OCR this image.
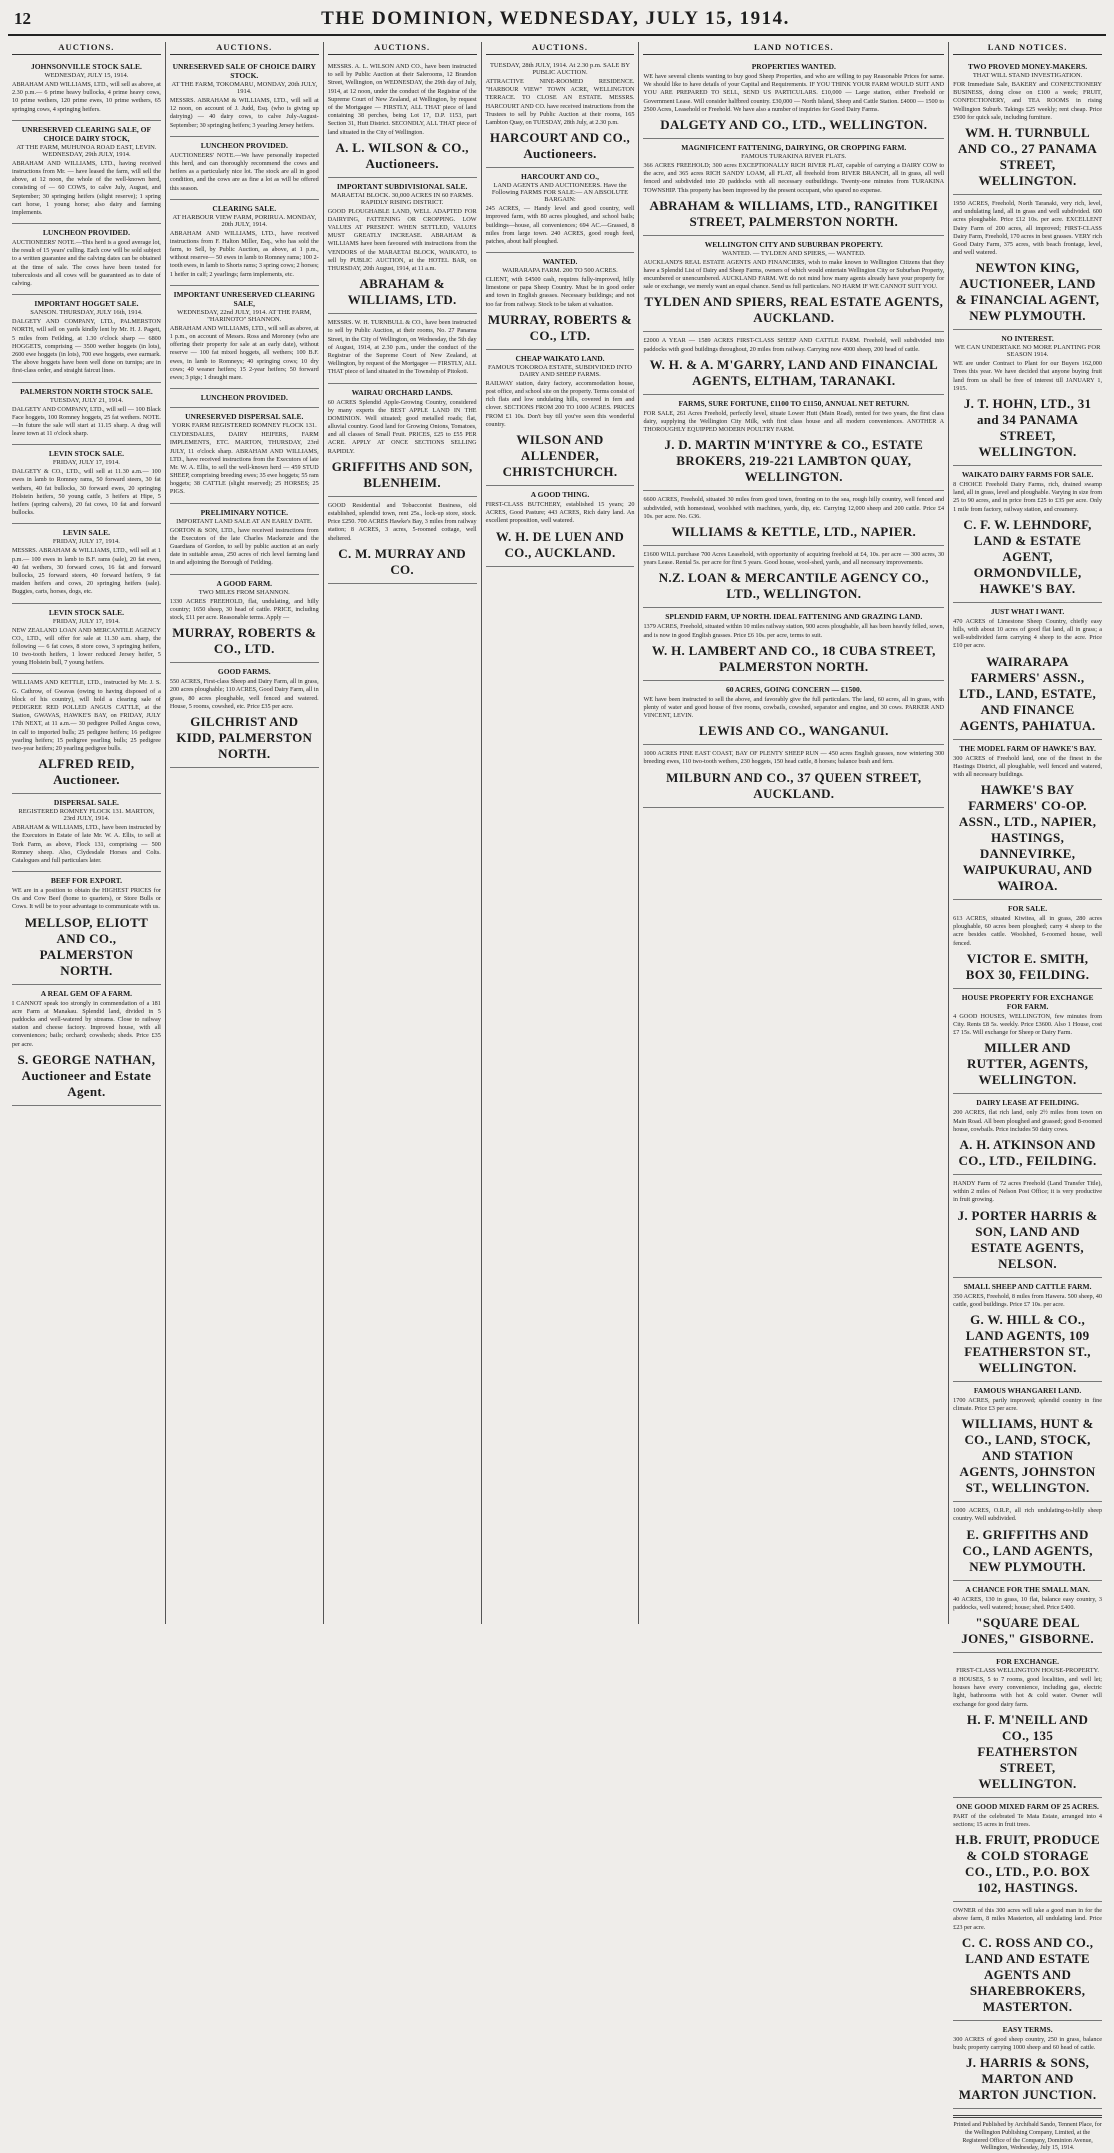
12	THE DOMINION, WEDNESDAY, JULY 15, 1914.
AUCTIONS.
JOHNSONVILLE STOCK SALE.
WEDNESDAY, JULY 15, 1914.
ABRAHAM AND WILLIAMS, LTD., will sell as above, at 2.30 p.m.— 6 prime heavy bullocks, 4 prime heavy cows, 10 prime wethers, 120 prime ewes, 10 prime wethers, 65 springing cows, 4 springing heifers.
UNRESERVED CLEARING SALE, OF CHOICE DAIRY STOCK,
AT THE FARM, MUHUNOA ROAD EAST, LEVIN. WEDNESDAY, 29th JULY, 1914.
ABRAHAM AND WILLIAMS, LTD., having received instructions from Mr. — have leased the farm, will sell the above, at 12 noon, the whole of the well-known herd, consisting of — 60 COWS, to calve July, August, and September; 30 springing heifers (slight reserve); 1 spring cart horse, 1 young horse; also dairy and farming implements.
LUNCHEON PROVIDED.
AUCTIONEERS' NOTE.—This herd is a good average lot, the result of 15 years' culling. Each cow will be sold subject to a written guarantee and the calving dates can be obtained at the time of sale. The cows have been tested for tuberculosis and all cows will be guaranteed as to date of calving.
IMPORTANT HOGGET SALE.
SANSON. THURSDAY, JULY 16th, 1914.
DALGETY AND COMPANY, LTD., PALMERSTON NORTH, will sell on yards kindly lent by Mr. H. J. Pagett, 5 miles from Feilding, at 1.30 o'clock sharp — 6800 HOGGETS, comprising — 3500 wether hoggets (in lots), 2600 ewe hoggets (in lots), 700 ewe hoggets, ewe earmark. The above hoggets have been well done on turnips; are in first-class order, and straight faircut lines.
PALMERSTON NORTH STOCK SALE.
TUESDAY, JULY 21, 1914.
DALGETY AND COMPANY, LTD., will sell — 100 Black Face hoggets, 100 Romney hoggets, 25 fat wethers. NOTE.—In future the sale will start at 11.15 sharp. A drag will leave town at 11 o'clock sharp.
LEVIN STOCK SALE.
FRIDAY, JULY 17, 1914.
DALGETY & CO., LTD., will sell at 11.30 a.m.— 100 ewes in lamb to Romney rams, 50 forward steers, 30 fat wethers, 40 fat bullocks, 30 forward ewes, 20 springing Holstein heifers, 50 young cattle, 3 heifers at Hipe, 5 heifers (spring calvers), 20 fat cows, 10 fat and forward bullocks.
LEVIN SALE.
FRIDAY, JULY 17, 1914.
MESSRS. ABRAHAM & WILLIAMS, LTD., will sell at 1 p.m.— 100 ewes in lamb to B.F. rams (sale), 20 fat ewes, 40 fat wethers, 30 forward cows, 16 fat and forward bullocks, 25 forward steers, 40 forward heifers, 9 fat maiden heifers and cows, 20 springing heifers (sale). Buggies, carts, horses, dogs, etc.
LEVIN STOCK SALE.
FRIDAY, JULY 17, 1914.
NEW ZEALAND LOAN AND MERCANTILE AGENCY CO., LTD., will offer for sale at 11.30 a.m. sharp, the following — 6 fat cows, 8 store cows, 3 springing heifers, 10 two-tooth heifers, 1 lower reduced Jersey heifer, 5 young Holstein bull, 7 young heifers.
WILLIAMS AND KETTLE, LTD., instructed by Mr. J. S. G. Cathrow, of Gwavas (owing to having disposed of a block of his country), will hold a clearing sale of PEDIGREE RED POLLED ANGUS CATTLE, at the Station, GWAVAS, HAWKE'S BAY, on FRIDAY, JULY 17th NEXT, at 11 a.m.— 30 pedigree Polled Angus cows, in calf to imported bulls; 25 pedigree heifers; 16 pedigree yearling heifers; 15 pedigree yearling bulls; 25 pedigree two-year heifers; 20 yearling pedigree bulls.
ALFRED REID, Auctioneer.
DISPERSAL SALE.
REGISTERED ROMNEY FLOCK 131. MARTON, 23rd JULY, 1914.
ABRAHAM & WILLIAMS, LTD., have been instructed by the Executors in Estate of late Mr. W. A. Ellis, to sell at Tork Farm, as above, Flock 131, comprising — 500 Romney sheep. Also, Clydesdale Horses and Colts. Catalogues and full particulars later.
BEEF FOR EXPORT.
WE are in a position to obtain the HIGHEST PRICES for Ox and Cow Beef (home to quarters), or Store Bulls or Cows. It will be to your advantage to communicate with us.
MELLSOP, ELIOTT AND CO., PALMERSTON NORTH.
A REAL GEM OF A FARM.
I CANNOT speak too strongly in commendation of a 181 acre Farm at Manakau. Splendid land, divided in 5 paddocks and well-watered by streams. Close to railway station and cheese factory. Improved house, with all conveniences; bails; orchard; cowsheds; sheds. Price £35 per acre.
S. GEORGE NATHAN, Auctioneer and Estate Agent.
AUCTIONS.
UNRESERVED SALE OF CHOICE DAIRY STOCK.
AT THE FARM, TOKOMARU, MONDAY, 20th JULY, 1914.
MESSRS. ABRAHAM & WILLIAMS, LTD., will sell at 12 noon, on account of J. Judd, Esq. (who is giving up dairying) — 40 dairy cows, to calve July-August-September; 30 springing heifers; 3 yearling Jersey heifers.
LUNCHEON PROVIDED.
AUCTIONEERS' NOTE.—We have personally inspected this herd, and can thoroughly recommend the cows and heifers as a particularly nice lot. The stock are all in good condition, and the cows are as fine a lot as will be offered this season.
CLEARING SALE.
AT HARBOUR VIEW FARM, PORIRUA. MONDAY, 20th JULY, 1914.
ABRAHAM AND WILLIAMS, LTD., have received instructions from F. Halton Miller, Esq., who has sold the farm, to Sell, by Public Auction, as above, at 1 p.m., without reserve— 50 ewes in lamb to Romney rams; 100 2-tooth ewes, in lamb to Shorts rams; 3 spring cows; 2 horses; 1 heifer in calf; 2 yearlings; farm implements, etc.
IMPORTANT UNRESERVED CLEARING SALE,
WEDNESDAY, 22nd JULY, 1914. AT THE FARM, "HARINOTO" SHANNON.
ABRAHAM AND WILLIAMS, LTD., will sell as above, at 1 p.m., on account of Messrs. Ross and Moroney (who are offering their property for sale at an early date), without reserve — 100 fat mixed hoggets, all wethers; 100 B.F. ewes, in lamb to Romneys; 40 springing cows; 10 dry cows; 40 weaner heifers; 15 2-year heifers; 50 forward ewes; 3 pigs; 1 draught mare.
LUNCHEON PROVIDED.
UNRESERVED DISPERSAL SALE.
YORK FARM REGISTERED ROMNEY FLOCK 131.
CLYDESDALES, DAIRY HEIFERS, FARM IMPLEMENTS, ETC. MARTON, THURSDAY, 23rd JULY, 11 o'clock sharp. ABRAHAM AND WILLIAMS, LTD., have received instructions from the Executors of late Mr. W. A. Ellis, to sell the well-known herd — 459 STUD SHEEP, comprising breeding ewes; 35 ewe hoggets; 55 ram hoggets; 38 CATTLE (slight reserved); 25 HORSES; 25 PIGS.
PRELIMINARY NOTICE.
IMPORTANT LAND SALE AT AN EARLY DATE.
GORTON & SON, LTD., have received instructions from the Executors of the late Charles Mackenzie and the Guardians of Gordon, to sell by public auction at an early date in suitable areas, 250 acres of rich level farming land in and adjoining the Borough of Feilding.
A GOOD FARM.
TWO MILES FROM SHANNON.
1330 ACRES FREEHOLD, flat, undulating, and hilly country; 1650 sheep, 30 head of cattle. PRICE, including stock, £11 per acre. Reasonable terms. Apply —
MURRAY, ROBERTS & CO., LTD.
GOOD FARMS.
550 ACRES, First-class Sheep and Dairy Farm, all in grass, 200 acres ploughable; 110 ACRES, Good Dairy Farm, all in grass, 80 acres ploughable, well fenced and watered. House, 5 rooms, cowshed, etc. Price £35 per acre.
GILCHRIST AND KIDD, PALMERSTON NORTH.
AUCTIONS.
MESSRS. A. L. WILSON AND CO., have been instructed to sell by Public Auction at their Salerooms, 12 Brandon Street, Wellington, on WEDNESDAY, the 29th day of July, 1914, at 12 noon, under the conduct of the Registrar of the Supreme Court of New Zealand, at Wellington, by request of the Mortgagee — FIRSTLY, ALL THAT piece of land containing 38 perches, being Lot 17, D.P. 1153, part Section 31, Hutt District. SECONDLY, ALL THAT piece of land situated in the City of Wellington.
A. L. WILSON & CO., Auctioneers.
IMPORTANT SUBDIVISIONAL SALE.
MARAETAI BLOCK. 30,000 ACRES IN 60 FARMS. RAPIDLY RISING DISTRICT.
GOOD PLOUGHABLE LAND, WELL ADAPTED FOR DAIRYING, FATTENING OR CROPPING. LOW VALUES AT PRESENT. WHEN SETTLED, VALUES MUST GREATLY INCREASE. ABRAHAM & WILLIAMS have been favoured with instructions from the VENDORS of the MARAETAI BLOCK, WAIKATO, to sell by PUBLIC AUCTION, at the HOTEL BAR, on THURSDAY, 20th August, 1914, at 11 a.m.
ABRAHAM & WILLIAMS, LTD.
MESSRS. W. H. TURNBULL & CO., have been instructed to sell by Public Auction, at their rooms, No. 27 Panama Street, in the City of Wellington, on Wednesday, the 5th day of August, 1914, at 2.30 p.m., under the conduct of the Registrar of the Supreme Court of New Zealand, at Wellington, by request of the Mortgagee — FIRSTLY, ALL THAT piece of land situated in the Township of Pitokoti.
WAIRAU ORCHARD LANDS.
60 ACRES Splendid Apple-Growing Country, considered by many experts the BEST APPLE LAND IN THE DOMINION. Well situated; good metalled roads; flat, alluvial country. Good land for Growing Onions, Tomatoes, and all classes of Small Fruit. PRICES, £25 to £55 PER ACRE. APPLY AT ONCE SECTIONS SELLING RAPIDLY.
GRIFFITHS AND SON, BLENHEIM.
GOOD Residential and Tobacconist Business, old established, splendid town, rent 25s., lock-up store, stock. Price £250. 700 ACRES Hawke's Bay, 3 miles from railway station; 8 ACRES, 3 acres, 5-roomed cottage, well sheltered.
C. M. MURRAY AND CO.
AUCTIONS.
TUESDAY, 28th JULY, 1914. At 2.30 p.m. SALE BY PUBLIC AUCTION.
ATTRACTIVE NINE-ROOMED RESIDENCE. "HARBOUR VIEW" TOWN ACRE, WELLINGTON TERRACE. TO CLOSE AN ESTATE. MESSRS. HARCOURT AND CO. have received instructions from the Trustees to sell by Public Auction at their rooms, 165 Lambton Quay, on TUESDAY, 28th July, at 2.30 p.m.
HARCOURT AND CO., Auctioneers.
HARCOURT AND CO.,
LAND AGENTS AND AUCTIONEERS. Have the Following FARMS FOR SALE:— AN ABSOLUTE BARGAIN:
245 ACRES, — Handy level and good country, well improved farm, with 80 acres ploughed, and school bails; buildings—house, all conveniences; 694 AC.—Grassed, 8 miles from large town. 240 ACRES, good rough feed, patches, about half ploughed.
WANTED.
WAIRARAPA FARM. 200 TO 500 ACRES.
CLIENT, with £4500 cash, requires fully-improved, hilly limestone or papa Sheep Country. Must be in good order and town in English grasses. Necessary buildings; and not too far from railway. Stock to be taken at valuation.
MURRAY, ROBERTS & CO., LTD.
CHEAP WAIKATO LAND.
FAMOUS TOKOROA ESTATE, SUBDIVIDED INTO DAIRY AND SHEEP FARMS.
RAILWAY station, dairy factory, accommodation house, post office, and school site on the property. Terms consist of rich flats and low undulating hills, covered in fern and clover. SECTIONS FROM 200 TO 1000 ACRES. PRICES FROM £1 10s. Don't buy till you've seen this wonderful country.
WILSON AND ALLENDER, CHRISTCHURCH.
A GOOD THING.
FIRST-CLASS BUTCHERY, established 15 years; 20 ACRES, Good Pasture; 443 ACRES, Rich dairy land. An excellent proposition, well watered.
W. H. DE LUEN AND CO., AUCKLAND.
LAND NOTICES.
PROPERTIES WANTED.
WE have several clients wanting to buy good Sheep Properties, and who are willing to pay Reasonable Prices for same. We should like to have details of your Capital and Requirements. IF YOU THINK YOUR FARM WOULD SUIT AND YOU ARE PREPARED TO SELL, SEND US PARTICULARS. £10,000 — Large station, either Freehold or Government Lease. Will consider halfbred country. £30,000 — North Island, Sheep and Cattle Station. £4000 — 1500 to 2500 Acres, Leasehold or Freehold. We have also a number of inquiries for Good Dairy Farms.
DALGETY AND CO., LTD., WELLINGTON.
MAGNIFICENT FATTENING, DAIRYING, OR CROPPING FARM.
FAMOUS TURAKINA RIVER FLATS.
366 ACRES FREEHOLD; 300 acres EXCEPTIONALLY RICH RIVER FLAT, capable of carrying a DAIRY COW to the acre, and 365 acres RICH SANDY LOAM, all FLAT, all freehold from RIVER BRANCH, all in grass, all well fenced and subdivided into 20 paddocks with all necessary outbuildings. Twenty-one minutes from TURAKINA TOWNSHIP. This property has been improved by the present occupant, who spared no expense.
ABRAHAM & WILLIAMS, LTD., RANGITIKEI STREET, PALMERSTON NORTH.
WELLINGTON CITY AND SUBURBAN PROPERTY.
WANTED. — TYLDEN AND SPIERS, — WANTED.
AUCKLAND'S REAL ESTATE AGENTS AND FINANCIERS, wish to make known to Wellington Citizens that they have a Splendid List of Dairy and Sheep Farms, owners of which would entertain Wellington City or Suburban Property, encumbered or unencumbered. AUCKLAND FARM. WE do not mind how many agents already have your property for sale or exchange, we merely want an equal chance. Send us full particulars. NO HARM IF WE CANNOT SUIT YOU.
TYLDEN AND SPIERS, REAL ESTATE AGENTS, AUCKLAND.
£2000 A YEAR — 1589 ACRES FIRST-CLASS SHEEP AND CATTLE FARM. Freehold, well subdivided into paddocks with good buildings throughout, 20 miles from railway. Carrying now 4000 sheep, 200 head of cattle.
W. H. & A. M'GARRY, LAND AND FINANCIAL AGENTS, ELTHAM, TARANAKI.
FARMS, SURE FORTUNE, £1100 TO £1150, ANNUAL NET RETURN.
FOR SALE, 261 Acres Freehold, perfectly level, situate Lower Hutt (Main Road), rented for two years, the first class dairy, supplying the Wellington City Milk, with first class house and all modern conveniences. ANOTHER A THOROUGHLY EQUIPPED MODERN POULTRY FARM.
J. D. MARTIN M'INTYRE & CO., ESTATE BROKERS, 219-221 LAMBTON QUAY, WELLINGTON.
6600 ACRES, Freehold, situated 30 miles from good town, fronting on to the sea, rough hilly country, well fenced and subdivided, with homestead, woolshed with machines, yards, dip, etc. Carrying 12,000 sheep and 200 cattle. Price £4 10s. per acre. No. G36.
WILLIAMS & KETTLE, LTD., NAPIER.
£1600 WILL purchase 700 Acres Leasehold, with opportunity of acquiring freehold at £4, 10s. per acre — 300 acres, 30 years Lease. Rental 5s. per acre for first 5 years. Good house, wool-shed, yards, and all necessary improvements.
N.Z. LOAN & MERCANTILE AGENCY CO., LTD., WELLINGTON.
SPLENDID FARM, UP NORTH. IDEAL FATTENING AND GRAZING LAND.
1379 ACRES, Freehold, situated within 10 miles railway station, 900 acres ploughable, all has been heavily felled, sown, and is now in good English grasses. Price £6 10s. per acre, terms to suit.
W. H. LAMBERT AND CO., 18 CUBA STREET, PALMERSTON NORTH.
60 ACRES, GOING CONCERN — £1500.
WE have been instructed to sell the above, and favorably give the full particulars. The land, 60 acres, all in grass, with plenty of water and good house of five rooms, cowbails, cowshed, separator and engine, and 30 cows. PARKER AND VINCENT, LEVIN.
LEWIS AND CO., WANGANUI.
1000 ACRES FINE EAST COAST, BAY OF PLENTY SHEEP RUN — 450 acres English grasses, now wintering 300 breeding ewes, 110 two-tooth wethers, 230 hoggets, 150 head cattle, 8 horses; balance bush and fern.
MILBURN AND CO., 37 QUEEN STREET, AUCKLAND.
LAND NOTICES.
TWO PROVED MONEY-MAKERS.
THAT WILL STAND INVESTIGATION.
FOR Immediate Sale, BAKERY and CONFECTIONERY BUSINESS, doing close on £100 a week; FRUIT, CONFECTIONERY, and TEA ROOMS in rising Wellington Suburb. Takings £25 weekly; rent cheap. Price £500 for quick sale, including furniture.
WM. H. TURNBULL AND CO., 27 PANAMA STREET, WELLINGTON.
1950 ACRES, Freehold, North Taranaki, very rich, level, and undulating land, all in grass and well subdivided. 600 acres ploughable. Price £12 10s. per acre. EXCELLENT Dairy Farm of 200 acres, all improved; FIRST-CLASS Dairy Farm, Freehold, 170 acres in best grasses. VERY rich Good Dairy Farm, 375 acres, with beach frontage, level, and well watered.
NEWTON KING, AUCTIONEER, LAND & FINANCIAL AGENT, NEW PLYMOUTH.
NO INTEREST.
WE CAN UNDERTAKE NO MORE PLANTING FOR SEASON 1914.
WE are under Contract to Plant for our Buyers 162,000 Trees this year. We have decided that anyone buying fruit land from us shall be free of interest till JANUARY 1, 1915.
J. T. HOHN, LTD., 31 and 34 PANAMA STREET, WELLINGTON.
WAIKATO DAIRY FARMS FOR SALE.
8 CHOICE Freehold Dairy Farms, rich, drained swamp land, all in grass, level and ploughable. Varying in size from 25 to 90 acres, and in price from £25 to £35 per acre. Only 1 mile from factory, railway station, and creamery.
C. F. W. LEHNDORF, LAND & ESTATE AGENT, ORMONDVILLE, HAWKE'S BAY.
JUST WHAT I WANT.
470 ACRES of Limestone Sheep Country, chiefly easy hills, with about 10 acres of good flat land, all in grass; a well-subdivided farm carrying 4 sheep to the acre. Price £10 per acre.
WAIRARAPA FARMERS' ASSN., LTD., LAND, ESTATE, AND FINANCE AGENTS, PAHIATUA.
THE MODEL FARM OF HAWKE'S BAY.
300 ACRES of Freehold land, one of the finest in the Hastings District, all ploughable, well fenced and watered, with all necessary buildings.
HAWKE'S BAY FARMERS' CO-OP. ASSN., LTD., NAPIER, HASTINGS, DANNEVIRKE, WAIPUKURAU, AND WAIROA.
FOR SALE.
613 ACRES, situated Kiwitea, all in grass, 280 acres ploughable, 60 acres been ploughed; carry 4 sheep to the acre besides cattle. Woolshed, 6-roomed house, well fenced.
VICTOR E. SMITH, BOX 30, FEILDING.
HOUSE PROPERTY FOR EXCHANGE FOR FARM.
4 GOOD HOUSES, WELLINGTON, few minutes from City. Rents £8 5s. weekly. Price £3600. Also 1 House, cost £7 15s. Will exchange for Sheep or Dairy Farm.
MILLER AND RUTTER, AGENTS, WELLINGTON.
DAIRY LEASE AT FEILDING.
200 ACRES, flat rich land, only 2½ miles from town on Main Road. All been ploughed and grassed; good 8-roomed house, cowbails. Price includes 50 dairy cows.
A. H. ATKINSON AND CO., LTD., FEILDING.
HANDY Farm of 72 acres Freehold (Land Transfer Title), within 2 miles of Nelson Post Office; it is very productive in fruit growing.
J. PORTER HARRIS & SON, LAND AND ESTATE AGENTS, NELSON.
SMALL SHEEP AND CATTLE FARM.
350 ACRES, Freehold, 8 miles from Hawera. 500 sheep, 40 cattle, good buildings. Price £7 10s. per acre.
G. W. HILL & CO., LAND AGENTS, 109 FEATHERSTON ST., WELLINGTON.
FAMOUS WHANGAREI LAND.
1700 ACRES, partly improved; splendid country in fine climate. Price £3 per acre.
WILLIAMS, HUNT & CO., LAND, STOCK, AND STATION AGENTS, JOHNSTON ST., WELLINGTON.
1000 ACRES, O.R.P., all rich undulating-to-hilly sheep country. Well subdivided.
E. GRIFFITHS AND CO., LAND AGENTS, NEW PLYMOUTH.
A CHANCE FOR THE SMALL MAN.
40 ACRES, 130 in grass, 10 flat, balance easy country, 3 paddocks, well watered; house; shed. Price £400.
"SQUARE DEAL JONES," GISBORNE.
FOR EXCHANGE.
FIRST-CLASS WELLINGTON HOUSE-PROPERTY.
8 HOUSES, 5 to 7 rooms, good localities, and well let; houses have every convenience, including gas, electric light, bathrooms with hot & cold water. Owner will exchange for good dairy farm.
H. F. M'NEILL AND CO., 135 FEATHERSTON STREET, WELLINGTON.
ONE GOOD MIXED FARM OF 25 ACRES.
PART of the celebrated Te Mata Estate, arranged into 4 sections; 15 acres in fruit trees.
H.B. FRUIT, PRODUCE & COLD STORAGE CO., LTD., P.O. BOX 102, HASTINGS.
OWNER of this 300 acres will take a good man in for the above farm, 8 miles Masterton, all undulating land. Price £23 per acre.
C. C. ROSS AND CO., LAND AND ESTATE AGENTS AND SHAREBROKERS, MASTERTON.
EASY TERMS.
300 ACRES of good sheep country, 250 in grass, balance bush; property carrying 1000 sheep and 60 head of cattle.
J. HARRIS & SONS, MARTON AND MARTON JUNCTION.
Printed and Published by Archibald Sando, Tennent Place, for the Wellington Publishing Company, Limited, at the Registered Office of the Company, Dominion Avenue, Wellington, Wednesday, July 15, 1914.
